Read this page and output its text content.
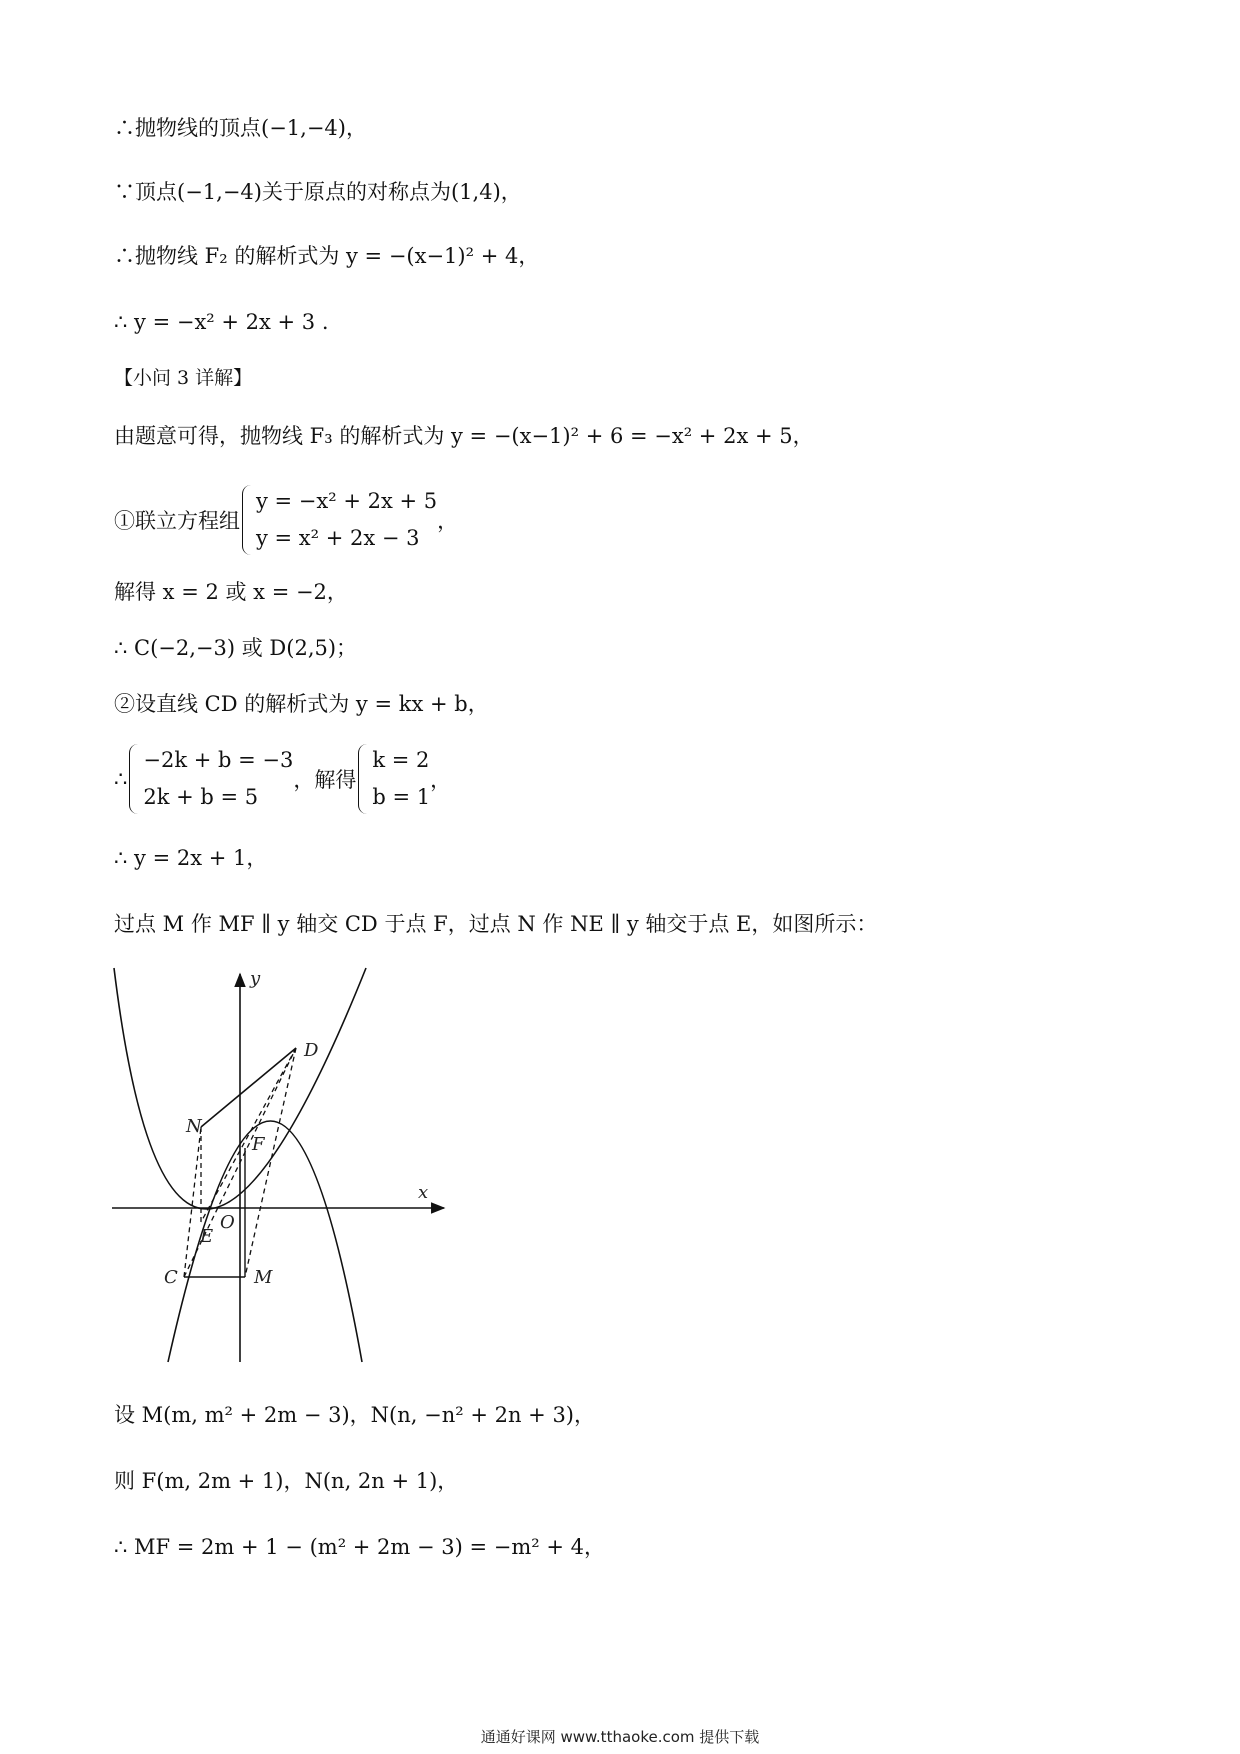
∴抛物线的顶点(−1,−4)，
∵顶点(−1,−4)关于原点的对称点为(1,4)，
∴抛物线 F₂ 的解析式为 y = −(x−1)² + 4，
∴ y = −x² + 2x + 3 .
【小问 3 详解】
由题意可得，抛物线 F₃ 的解析式为 y = −(x−1)² + 6 = −x² + 2x + 5，
①联立方程组
y = −x² + 2x + 5
y = x² + 2x − 3
，
解得 x = 2 或 x = −2，
∴ C(−2,−3) 或 D(2,5)；
②设直线 CD 的解析式为 y = kx + b，
∴
−2k + b = −3
2k + b = 5
，解得
k = 2
b = 1
，
∴ y = 2x + 1，
过点 M 作 MF ∥ y 轴交 CD 于点 F，过点 N 作 NE ∥ y 轴交于点 E，如图所示：
y
x
D
N
F
O
E
C	M
设 M(m, m² + 2m − 3)，N(n, −n² + 2n + 3)，
则 F(m, 2m + 1)，N(n, 2n + 1)，
∴ MF = 2m + 1 − (m² + 2m − 3) = −m² + 4，
通通好课网 www.tthaoke.com 提供下载
